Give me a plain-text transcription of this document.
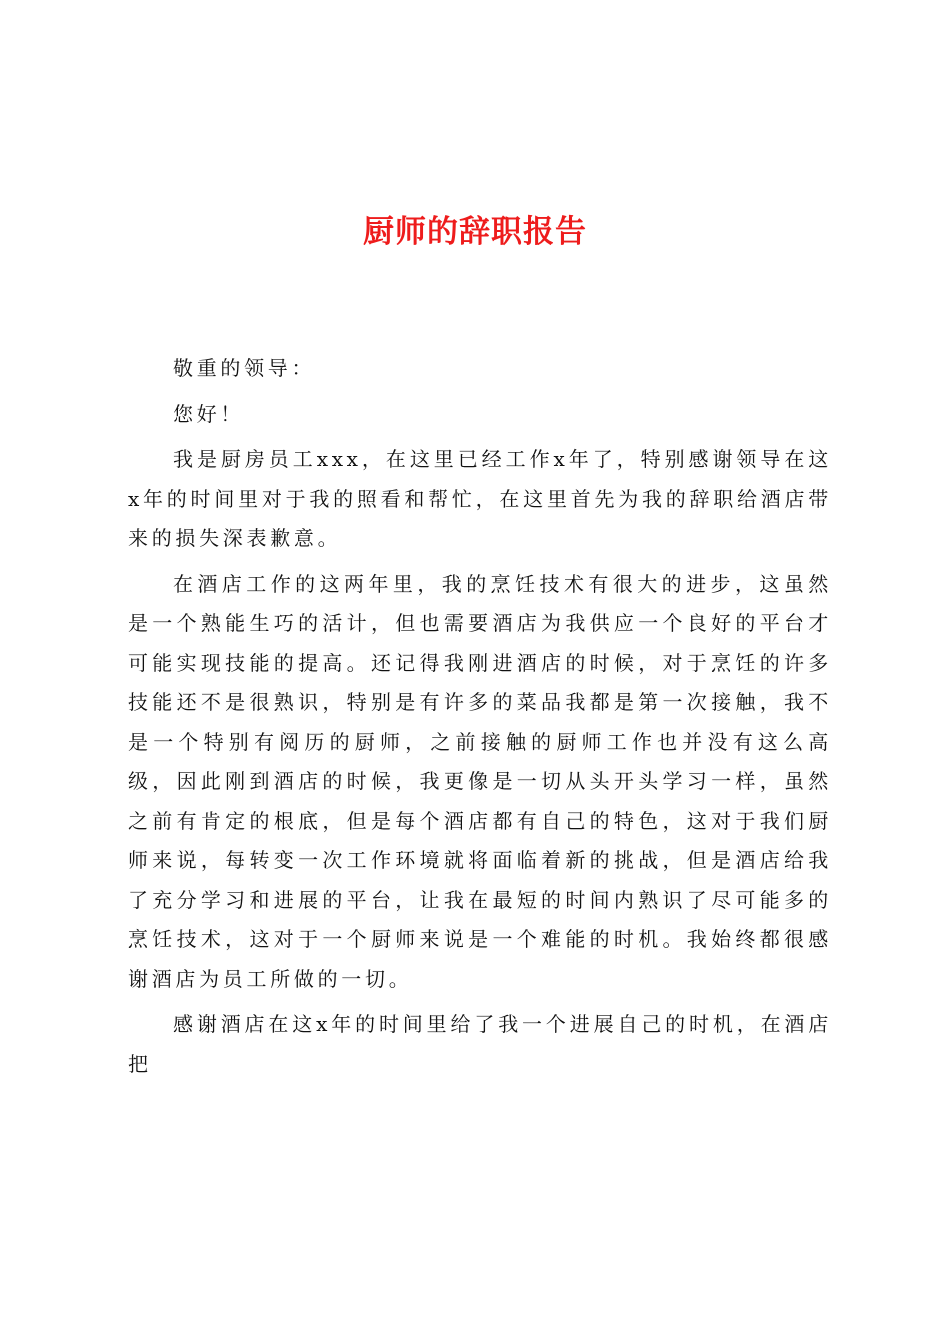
厨师的辞职报告

敬重的领导：

您好！

我是厨房员工xxx，在这里已经工作x年了，特别感谢领导在这x年的时间里对于我的照看和帮忙，在这里首先为我的辞职给酒店带来的损失深表歉意。

在酒店工作的这两年里，我的烹饪技术有很大的进步，这虽然是一个熟能生巧的活计，但也需要酒店为我供应一个良好的平台才可能实现技能的提高。还记得我刚进酒店的时候，对于烹饪的许多技能还不是很熟识，特别是有许多的菜品我都是第一次接触，我不是一个特别有阅历的厨师，之前接触的厨师工作也并没有这么高级，因此刚到酒店的时候，我更像是一切从头开头学习一样，虽然之前有肯定的根底，但是每个酒店都有自己的特色，这对于我们厨师来说，每转变一次工作环境就将面临着新的挑战，但是酒店给我了充分学习和进展的平台，让我在最短的时间内熟识了尽可能多的烹饪技术，这对于一个厨师来说是一个难能的时机。我始终都很感谢酒店为员工所做的一切。

感谢酒店在这x年的时间里给了我一个进展自己的时机，在酒店把
